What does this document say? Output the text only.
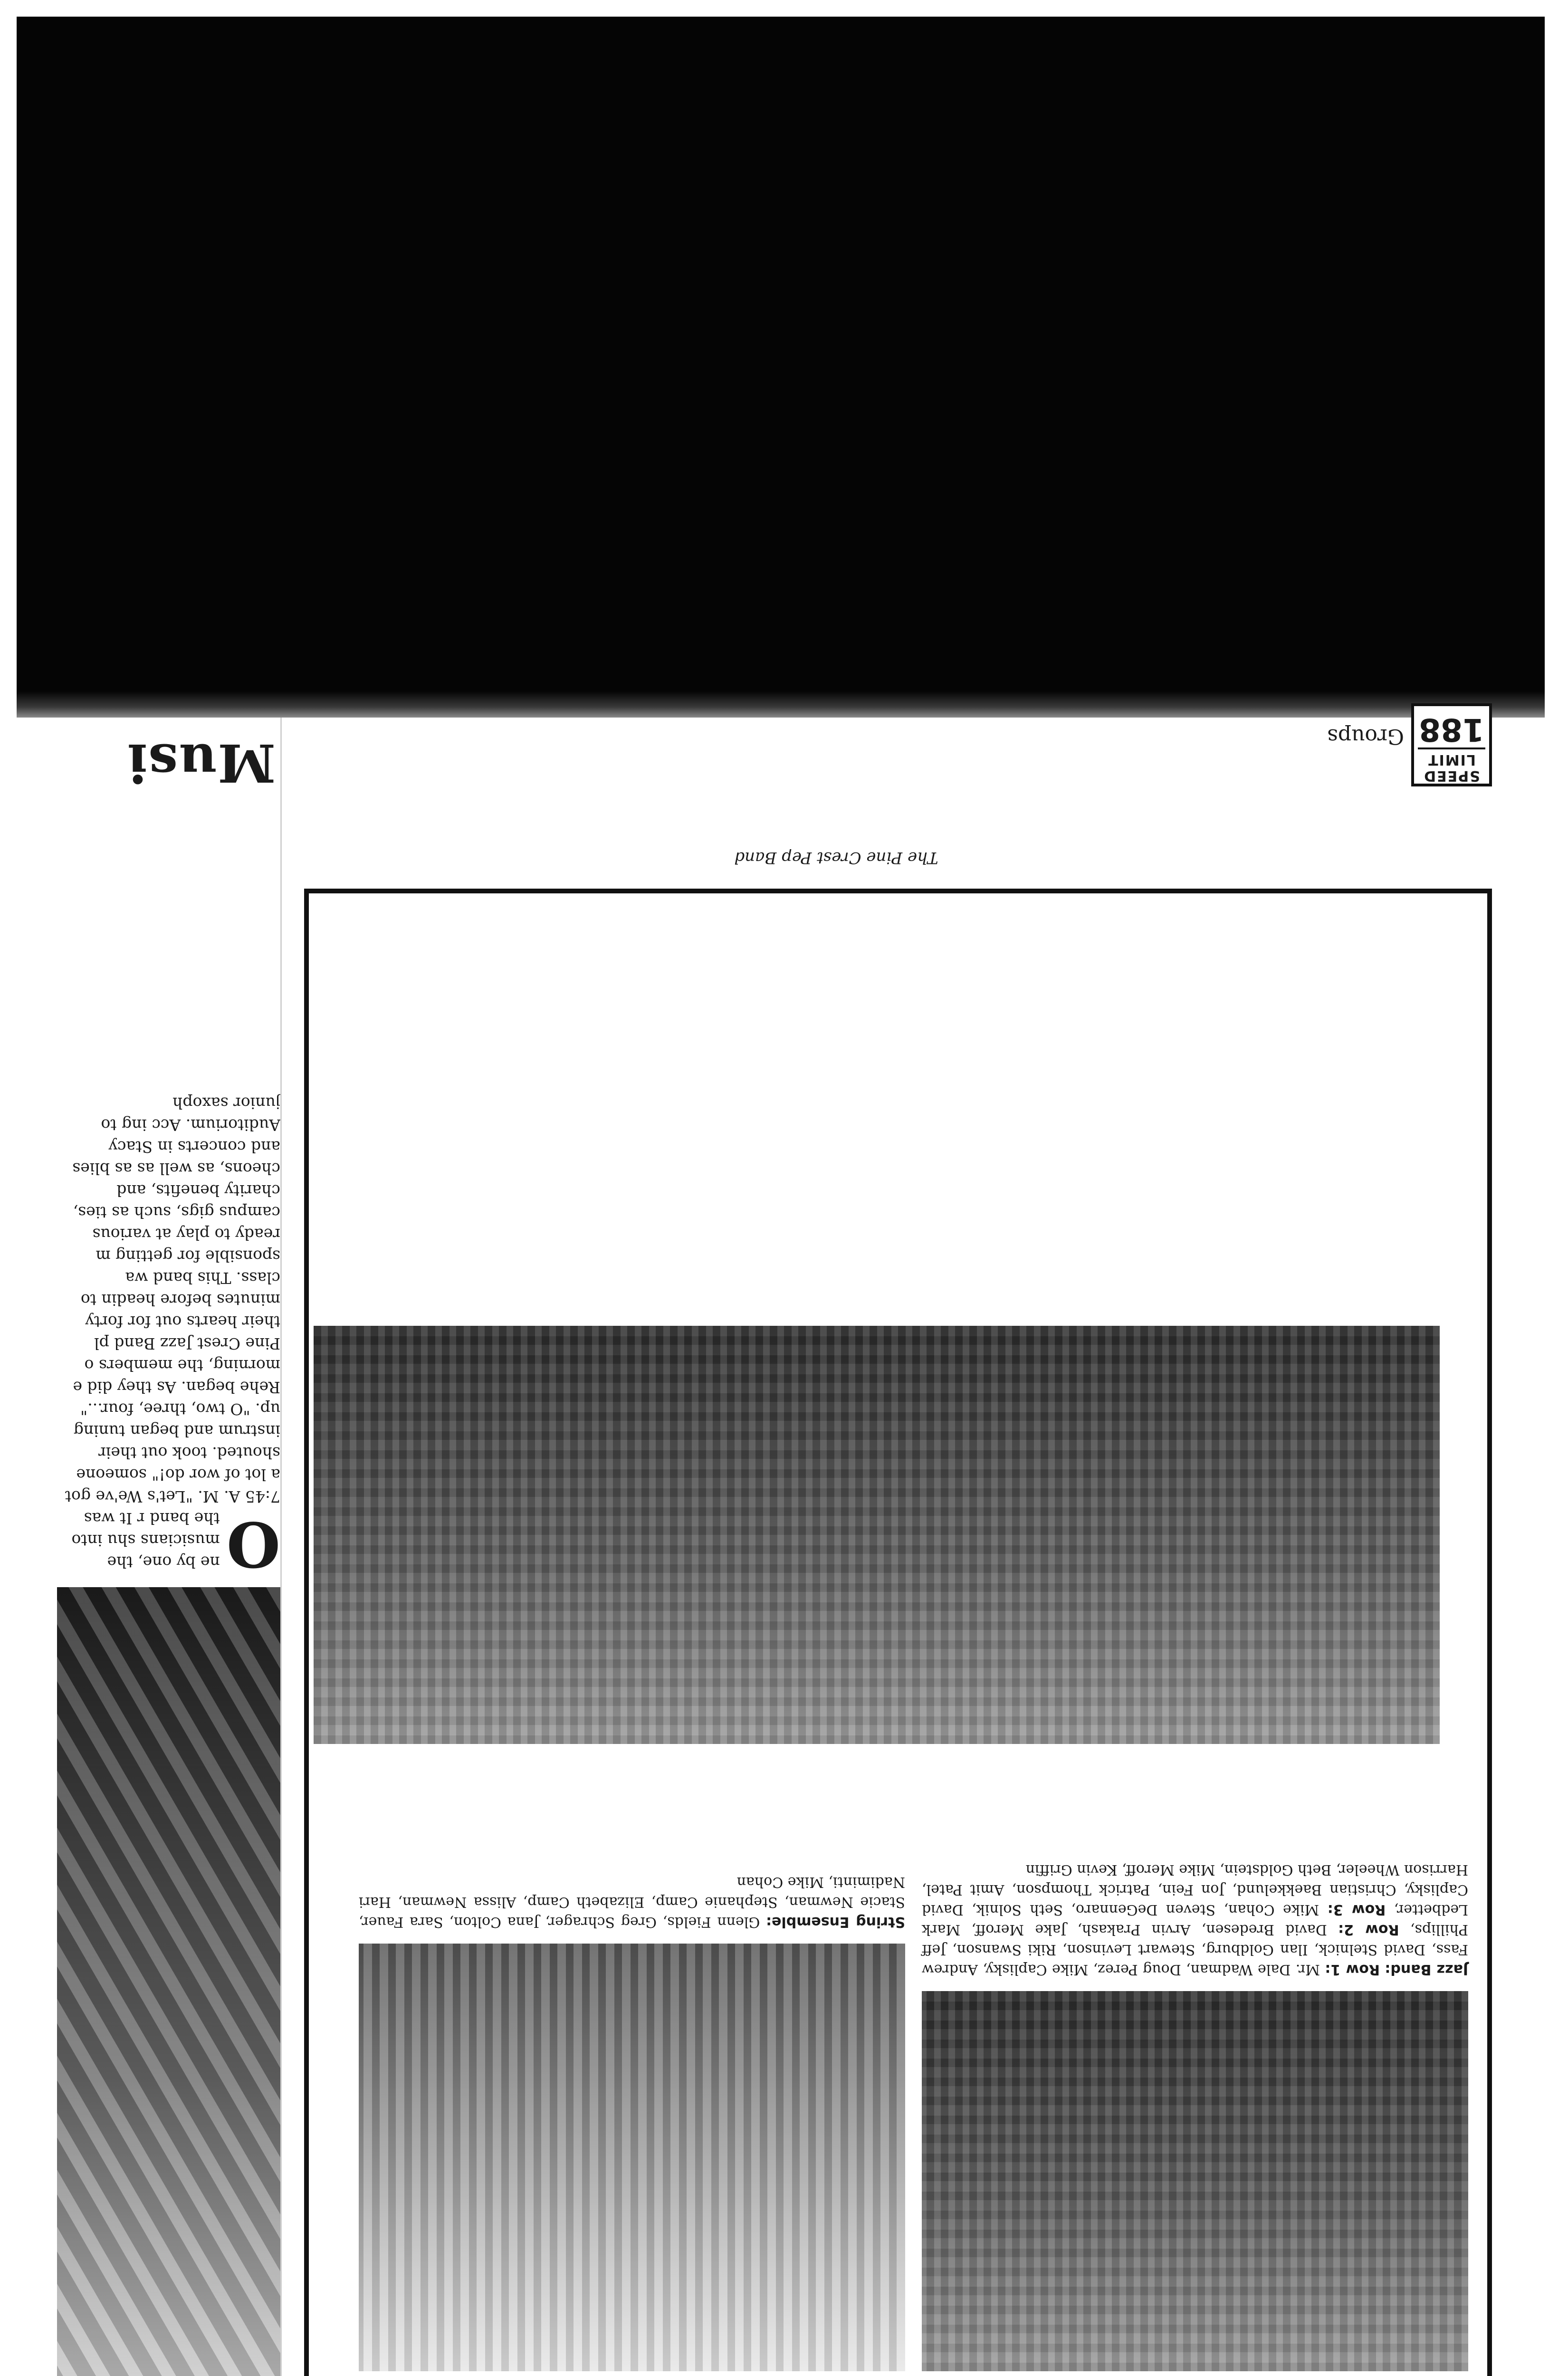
Jazz Band: Row 1: Mr. Dale Wadman, Doug Perez, Mike Caplisky, Andrew Fass, David Stelnick, Ilan Goldburg, Stewart Levinson, Riki Swanson, Jeff Phillips, Row 2: David Bredesen, Arvin Prakash, Jake Meroff, Mark Ledbetter, Row 3: Mike Cohan, Steven DeGennaro, Seth Solnik, David Caplisky, Christian Baekkelund, Jon Fein, Patrick Thompson, Amit Patel, Harrison Wheeler, Beth Goldstein, Mike Meroff, Kevin Griffin
String Ensemble: Glenn Fields, Greg Schrager, Jana Colton, Sara Fauer, Stacie Newman, Stephanie Camp, Elizabeth Camp, Alissa Newman, Hari Nadiminti, Mike Cohan
The Pine Crest Pep Band
SPEED
LIMIT
188
Groups
O
ne by one, the musicians shu into the band r It was 7:45 A. M. "Let's We've got a lot of wor do!" someone shouted. took out their instrum and began tuning up. "O two, three, four..." Rehe began. As they did e morning, the members o Pine Crest Jazz Band pl their hearts out for forty minutes before headin to class. This band wa sponsible for getting m ready to play at various campus gigs, such as ties, charity benefits, and cheons, as well as as blies and concerts in Stacy Auditorium. Acc ing to junior saxoph
Musi
